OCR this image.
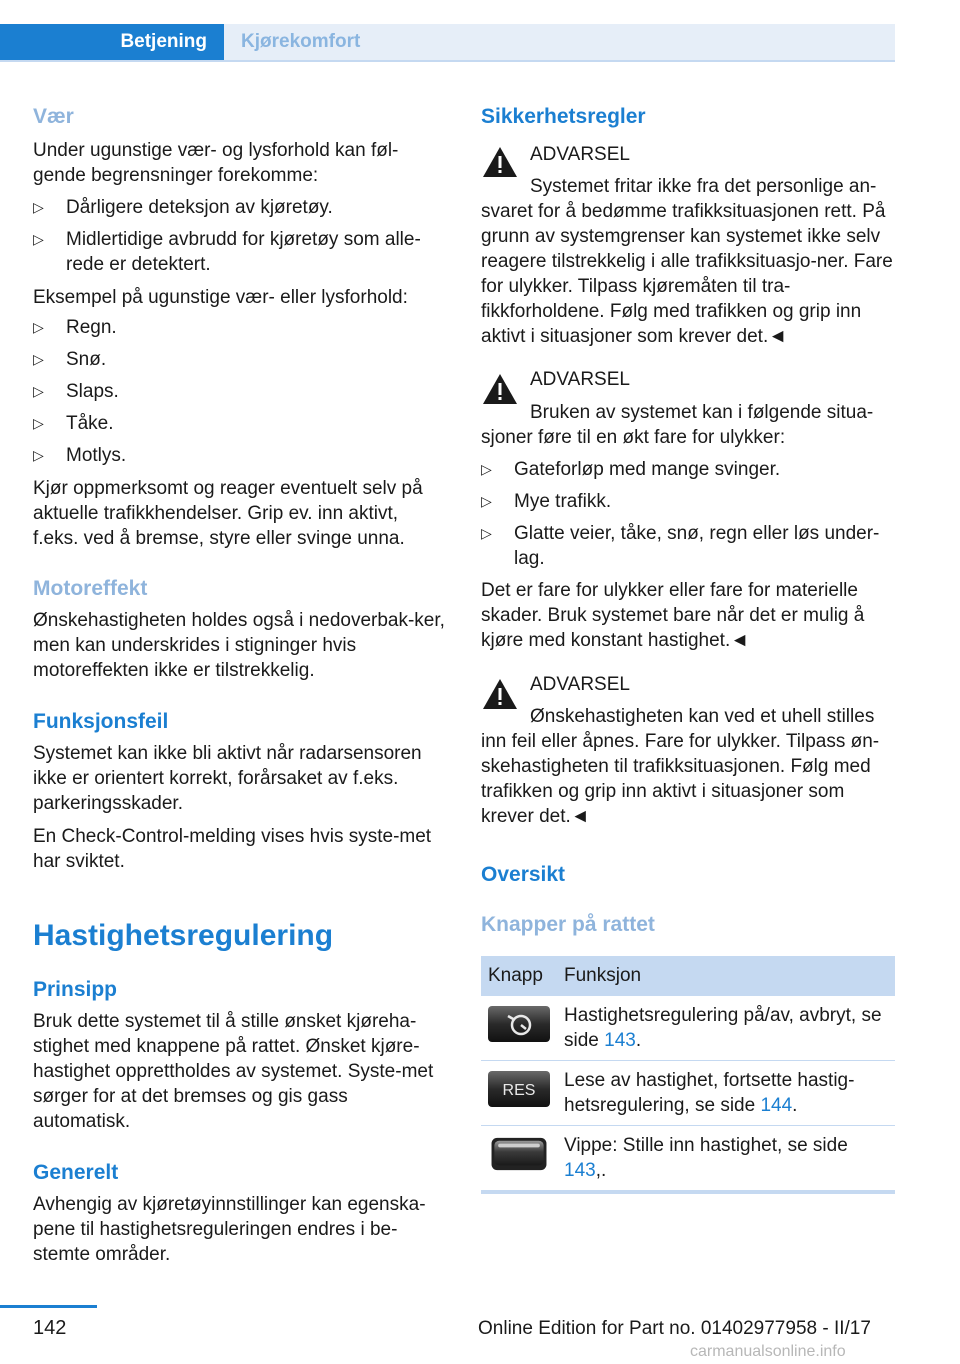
Betjening Kjørekomfort
Vær

Under ugunstige vær- og lysforhold kan føl-gende begrensninger forekomme:

▷ Dårligere deteksjon av kjøretøy.

▷ Midlertidige avbrudd for kjøretøy som alle-rede er detektert.

Eksempel på ugunstige vær- eller lysforhold:

▷ Regn.

▷ Snø.

▷ Slaps.

▷ Tåke.

▷ Motlys.

Kjør oppmerksomt og reager eventuelt selv på aktuelle trafikkhendelser. Grip ev. inn aktivt, f.eks. ved å bremse, styre eller svinge unna.

Motoreffekt

Ønskehastigheten holdes også i nedoverbak-ker, men kan underskrides i stigninger hvis motoreffekten ikke er tilstrekkelig.

Funksjonsfeil

Systemet kan ikke bli aktivt når radarsensoren ikke er orientert korrekt, forårsaket av f.eks. parkeringsskader.

En Check-Control-melding vises hvis syste-met har sviktet.

Hastighetsregulering
Prinsipp

Bruk dette systemet til å stille ønsket kjøreha-stighet med knappene på rattet. Ønsket kjøre-hastighet opprettholdes av systemet. Syste-met sørger for at det bremses og gis gass automatisk.

Generelt

Avhengig av kjøretøyinnstillinger kan egenska-pene til hastighetsreguleringen endres i be-stemte områder.

Sikkerhetsregler
ADVARSEL
Systemet fritar ikke fra det personlige an-

svaret for å bedømme trafikksituasjonen rett. På grunn av systemgrenser kan systemet ikke selv reagere tilstrekkelig i alle trafikksituasjo-ner. Fare for ulykker. Tilpass kjøremåten til tra-fikkforholdene. Følg med trafikken og grip inn aktivt i situasjoner som krever det.◄

ADVARSEL
Bruken av systemet kan i følgende situa-

sjoner føre til en økt fare for ulykker:

▷ Gateforløp med mange svinger.

▷ Mye trafikk.

▷ Glatte veier, tåke, snø, regn eller løs under-lag.

Det er fare for ulykker eller fare for materielle skader. Bruk systemet bare når det er mulig å kjøre med konstant hastighet.◄

ADVARSEL
Ønskehastigheten kan ved et uhell stilles

inn feil eller åpnes. Fare for ulykker. Tilpass øn-skehastigheten til trafikksituasjonen. Følg med trafikken og grip inn aktivt i situasjoner som krever det.◄

Oversikt
Knapper på rattet
Knapp Funksjon
Hastighetsregulering på/av, avbryt, se side 143.
RES Lese av hastighet, fortsette hastig-hetsregulering, se side 144.
Vippe: Stille inn hastighet, se side 143,.
142	Online Edition for Part no. 01402977958 - II/17
carmanualsonline.info
